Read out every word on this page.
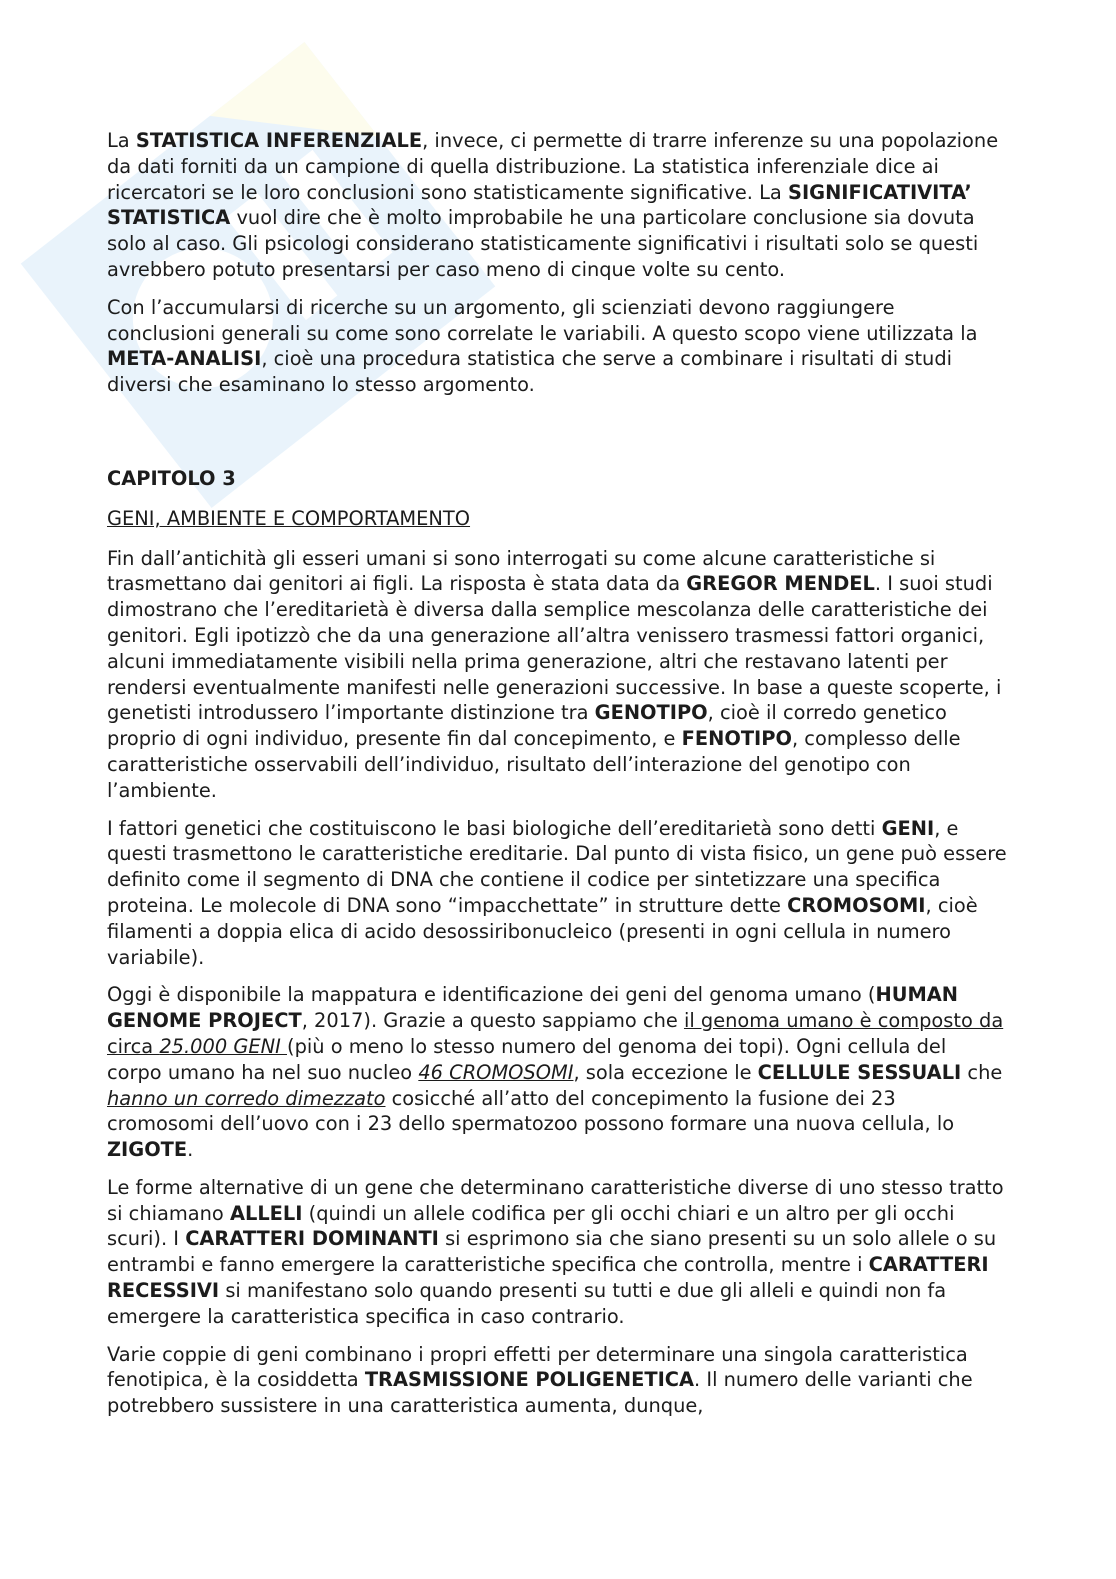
La STATISTICA INFERENZIALE, invece, ci permette di trarre inferenze su una popolazione da dati forniti da un campione di quella distribuzione. La statistica inferenziale dice ai ricercatori se le loro conclusioni sono statisticamente significative. La SIGNIFICATIVITA’ STATISTICA vuol dire che è molto improbabile he una particolare conclusione sia dovuta solo al caso. Gli psicologi considerano statisticamente significativi i risultati solo se questi avrebbero potuto presentarsi per caso meno di cinque volte su cento.

Con l’accumularsi di ricerche su un argomento, gli scienziati devono raggiungere conclusioni generali su come sono correlate le variabili. A questo scopo viene utilizzata la META-ANALISI, cioè una procedura statistica che serve a combinare i risultati di studi diversi che esaminano lo stesso argomento.

CAPITOLO 3

GENI, AMBIENTE E COMPORTAMENTO

Fin dall’antichità gli esseri umani si sono interrogati su come alcune caratteristiche si trasmettano dai genitori ai figli. La risposta è stata data da GREGOR MENDEL. I suoi studi dimostrano che l’ereditarietà è diversa dalla semplice mescolanza delle caratteristiche dei genitori. Egli ipotizzò che da una generazione all’altra venissero trasmessi fattori organici, alcuni immediatamente visibili nella prima generazione, altri che restavano latenti per rendersi eventualmente manifesti nelle generazioni successive. In base a queste scoperte, i genetisti introdussero l’importante distinzione tra GENOTIPO, cioè il corredo genetico proprio di ogni individuo, presente fin dal concepimento, e FENOTIPO, complesso delle caratteristiche osservabili dell’individuo, risultato dell’interazione del genotipo con l’ambiente.

I fattori genetici che costituiscono le basi biologiche dell’ereditarietà sono detti GENI, e questi trasmettono le caratteristiche ereditarie. Dal punto di vista fisico, un gene può essere definito come il segmento di DNA che contiene il codice per sintetizzare una specifica proteina. Le molecole di DNA sono “impacchettate” in strutture dette CROMOSOMI, cioè filamenti a doppia elica di acido desossiribonucleico (presenti in ogni cellula in numero variabile).

Oggi è disponibile la mappatura e identificazione dei geni del genoma umano (HUMAN GENOME PROJECT, 2017). Grazie a questo sappiamo che il genoma umano è composto da circa 25.000 GENI (più o meno lo stesso numero del genoma dei topi). Ogni cellula del corpo umano ha nel suo nucleo 46 CROMOSOMI, sola eccezione le CELLULE SESSUALI che hanno un corredo dimezzato cosicché all’atto del concepimento la fusione dei 23 cromosomi dell’uovo con i 23 dello spermatozoo possono formare una nuova cellula, lo ZIGOTE.

Le forme alternative di un gene che determinano caratteristiche diverse di uno stesso tratto si chiamano ALLELI (quindi un allele codifica per gli occhi chiari e un altro per gli occhi scuri). I CARATTERI DOMINANTI si esprimono sia che siano presenti su un solo allele o su entrambi e fanno emergere la caratteristiche specifica che controlla, mentre i CARATTERI RECESSIVI si manifestano solo quando presenti su tutti e due gli alleli e quindi non fa emergere la caratteristica specifica in caso contrario.

Varie coppie di geni combinano i propri effetti per determinare una singola caratteristica fenotipica, è la cosiddetta TRASMISSIONE POLIGENETICA. Il numero delle varianti che potrebbero sussistere in una caratteristica aumenta, dunque,
